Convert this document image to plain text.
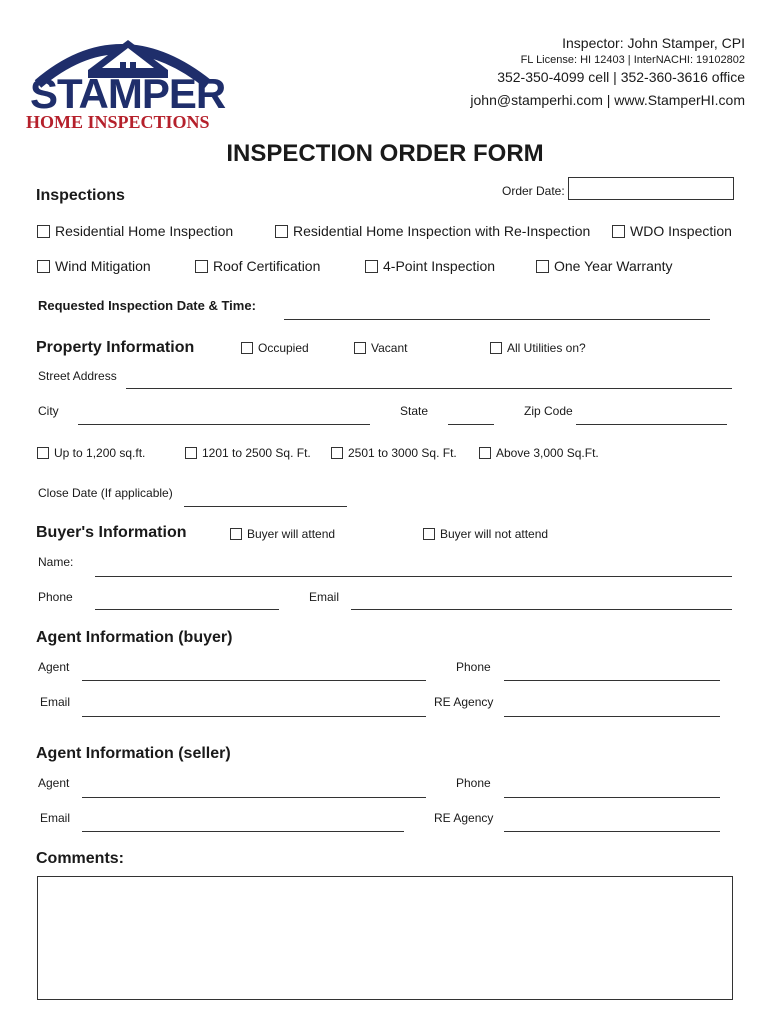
STAMPER
HOME INSPECTIONS
Inspector: John Stamper, CPI
FL License: HI 12403 | InterNACHI: 19102802
352-350-4099 cell | 352-360-3616 office
john@stamperhi.com | www.StamperHI.com
INSPECTION ORDER FORM
Inspections	Order Date:
Residential Home Inspection	Residential Home Inspection with Re-Inspection	WDO Inspection
Wind Mitigation	Roof Certification	4-Point Inspection	One Year Warranty
Requested Inspection Date & Time:
Property Information	Occupied	Vacant	All Utilities on?
Street Address
City	State	Zip Code
Up to 1,200 sq.ft.	1201 to 2500 Sq. Ft.	2501 to 3000 Sq. Ft.	Above 3,000 Sq.Ft.
Close Date (If applicable)
Buyer's Information	Buyer will attend	Buyer will not attend
Name:
Phone	Email
Agent Information (buyer)
Agent	Phone
Email	RE Agency
Agent Information (seller)
Agent	Phone
Email	RE Agency
Comments:
